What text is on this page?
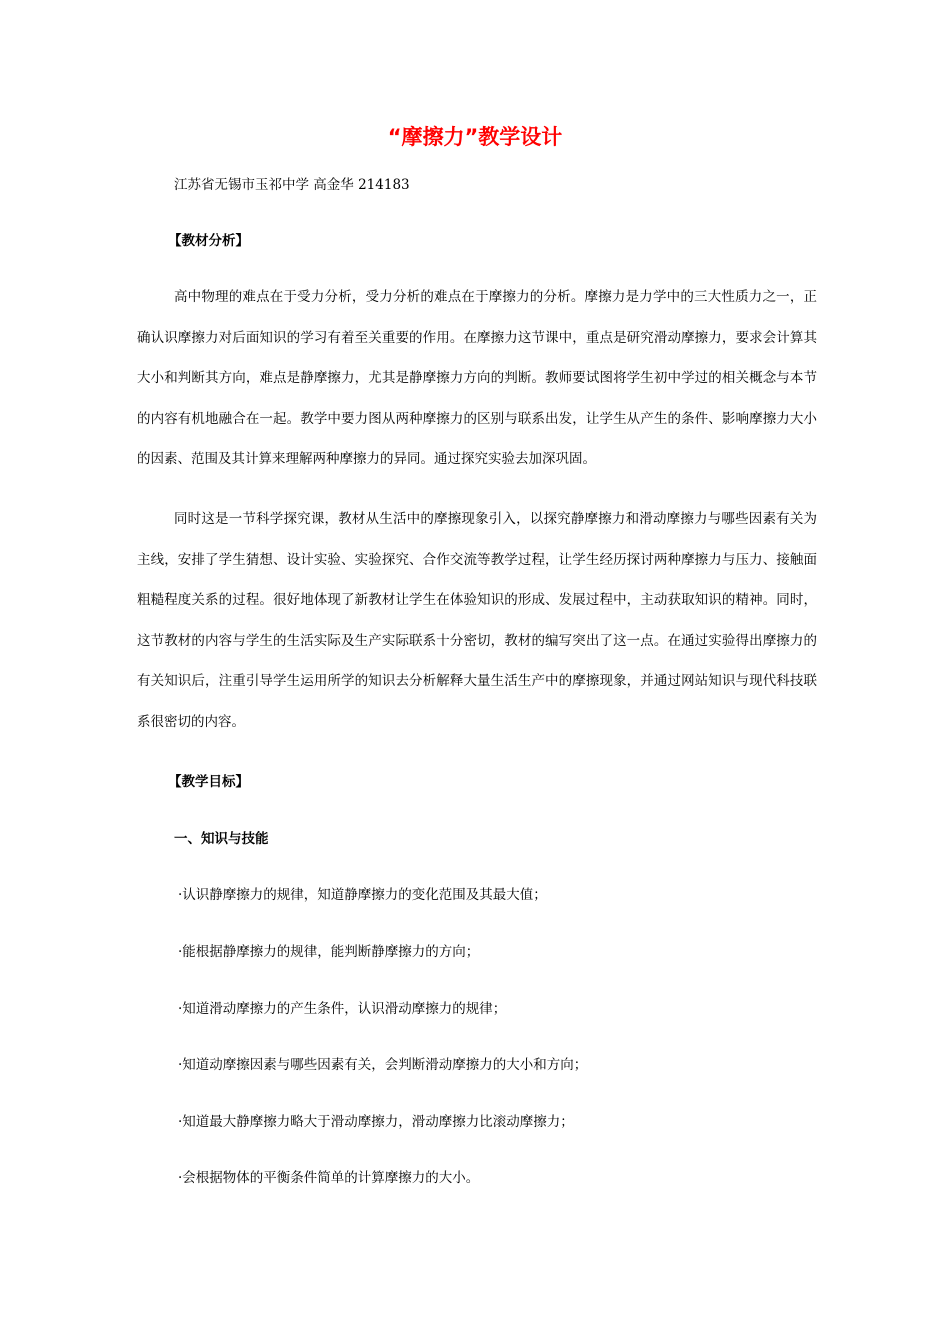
“摩擦力”教学设计
江苏省无锡市玉祁中学 高金华 214183
【教材分析】
高中物理的难点在于受力分析，受力分析的难点在于摩擦力的分析。摩擦力是力学中的三大性质力之一，正确认识摩擦力对后面知识的学习有着至关重要的作用。在摩擦力这节课中，重点是研究滑动摩擦力，要求会计算其大小和判断其方向，难点是静摩擦力，尤其是静摩擦力方向的判断。教师要试图将学生初中学过的相关概念与本节的内容有机地融合在一起。教学中要力图从两种摩擦力的区别与联系出发，让学生从产生的条件、影响摩擦力大小的因素、范围及其计算来理解两种摩擦力的异同。通过探究实验去加深巩固。
同时这是一节科学探究课，教材从生活中的摩擦现象引入，以探究静摩擦力和滑动摩擦力与哪些因素有关为主线，安排了学生猜想、设计实验、实验探究、合作交流等教学过程，让学生经历探讨两种摩擦力与压力、接触面粗糙程度关系的过程。很好地体现了新教材让学生在体验知识的形成、发展过程中，主动获取知识的精神。同时，这节教材的内容与学生的生活实际及生产实际联系十分密切，教材的编写突出了这一点。在通过实验得出摩擦力的有关知识后，注重引导学生运用所学的知识去分析解释大量生活生产中的摩擦现象，并通过网站知识与现代科技联系很密切的内容。
【教学目标】
一、知识与技能
·认识静摩擦力的规律，知道静摩擦力的变化范围及其最大值；
·能根据静摩擦力的规律，能判断静摩擦力的方向；
·知道滑动摩擦力的产生条件，认识滑动摩擦力的规律；
·知道动摩擦因素与哪些因素有关，会判断滑动摩擦力的大小和方向；
·知道最大静摩擦力略大于滑动摩擦力，滑动摩擦力比滚动摩擦力；
·会根据物体的平衡条件简单的计算摩擦力的大小。
